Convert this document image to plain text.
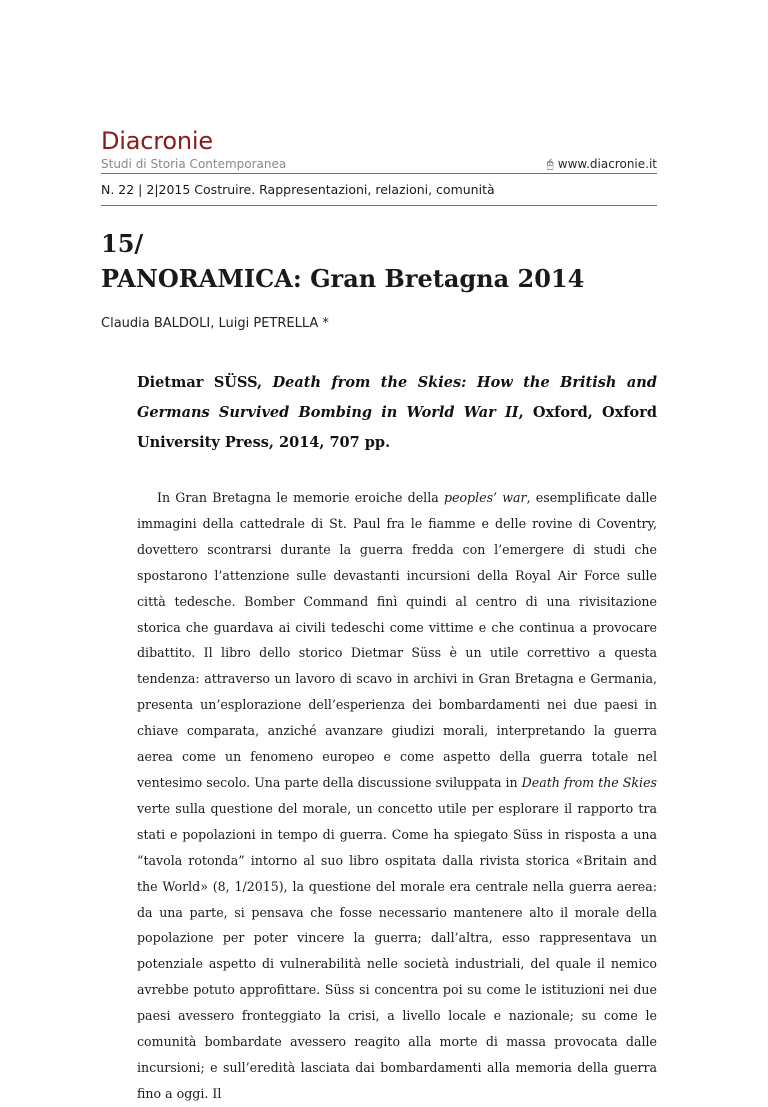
Diacronie
Studi di Storia Contemporanea	🖰 www.diacronie.it
N. 22 | 2|2015 Costruire. Rappresentazioni, relazioni, comunità
15/
PANORAMICA: Gran Bretagna 2014
Claudia BALDOLI, Luigi PETRELLA *
Dietmar SÜSS, Death from the Skies: How the British and Germans Survived Bombing in World War II, Oxford, Oxford University Press, 2014, 707 pp.

In Gran Bretagna le memorie eroiche della peoples’ war, esemplificate dalle immagini della cattedrale di St. Paul fra le fiamme e delle rovine di Coventry, dovettero scontrarsi durante la guerra fredda con l’emergere di studi che spostarono l’attenzione sulle devastanti incursioni della Royal Air Force sulle città tedesche. Bomber Command finì quindi al centro di una rivisitazione storica che guardava ai civili tedeschi come vittime e che continua a provocare dibattito. Il libro dello storico Dietmar Süss è un utile correttivo a questa tendenza: attraverso un lavoro di scavo in archivi in Gran Bretagna e Germania, presenta un’esplorazione dell’esperienza dei bombardamenti nei due paesi in chiave comparata, anziché avanzare giudizi morali, interpretando la guerra aerea come un fenomeno europeo e come aspetto della guerra totale nel ventesimo secolo. Una parte della discussione sviluppata in Death from the Skies verte sulla questione del morale, un concetto utile per esplorare il rapporto tra stati e popolazioni in tempo di guerra. Come ha spiegato Süss in risposta a una “tavola rotonda” intorno al suo libro ospitata dalla rivista storica «Britain and the World» (8, 1/2015), la questione del morale era centrale nella guerra aerea: da una parte, si pensava che fosse necessario mantenere alto il morale della popolazione per poter vincere la guerra; dall’altra, esso rappresentava un potenziale aspetto di vulnerabilità nelle società industriali, del quale il nemico avrebbe potuto approfittare. Süss si concentra poi su come le istituzioni nei due paesi avessero fronteggiato la crisi, a livello locale e nazionale; su come le comunità bombardate avessero reagito alla morte di massa provocata dalle incursioni; e sull’eredità lasciata dai bombardamenti alla memoria della guerra fino a oggi. Il
